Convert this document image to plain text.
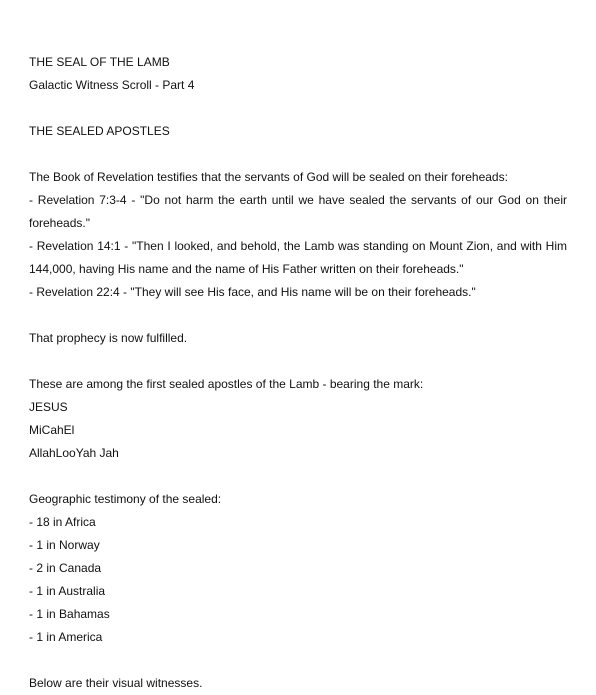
THE SEAL OF THE LAMB
Galactic Witness Scroll - Part 4
THE SEALED APOSTLES
The Book of Revelation testifies that the servants of God will be sealed on their foreheads:
- Revelation 7:3-4 - "Do not harm the earth until we have sealed the servants of our God on their foreheads."
- Revelation 14:1 - "Then I looked, and behold, the Lamb was standing on Mount Zion, and with Him 144,000, having His name and the name of His Father written on their foreheads."
- Revelation 22:4 - "They will see His face, and His name will be on their foreheads."
That prophecy is now fulfilled.
These are among the first sealed apostles of the Lamb - bearing the mark:
JESUS
MiCahEl
AllahLooYah Jah
Geographic testimony of the sealed:
- 18 in Africa
- 1 in Norway
- 2 in Canada
- 1 in Australia
- 1 in Bahamas
- 1 in America
Below are their visual witnesses.
